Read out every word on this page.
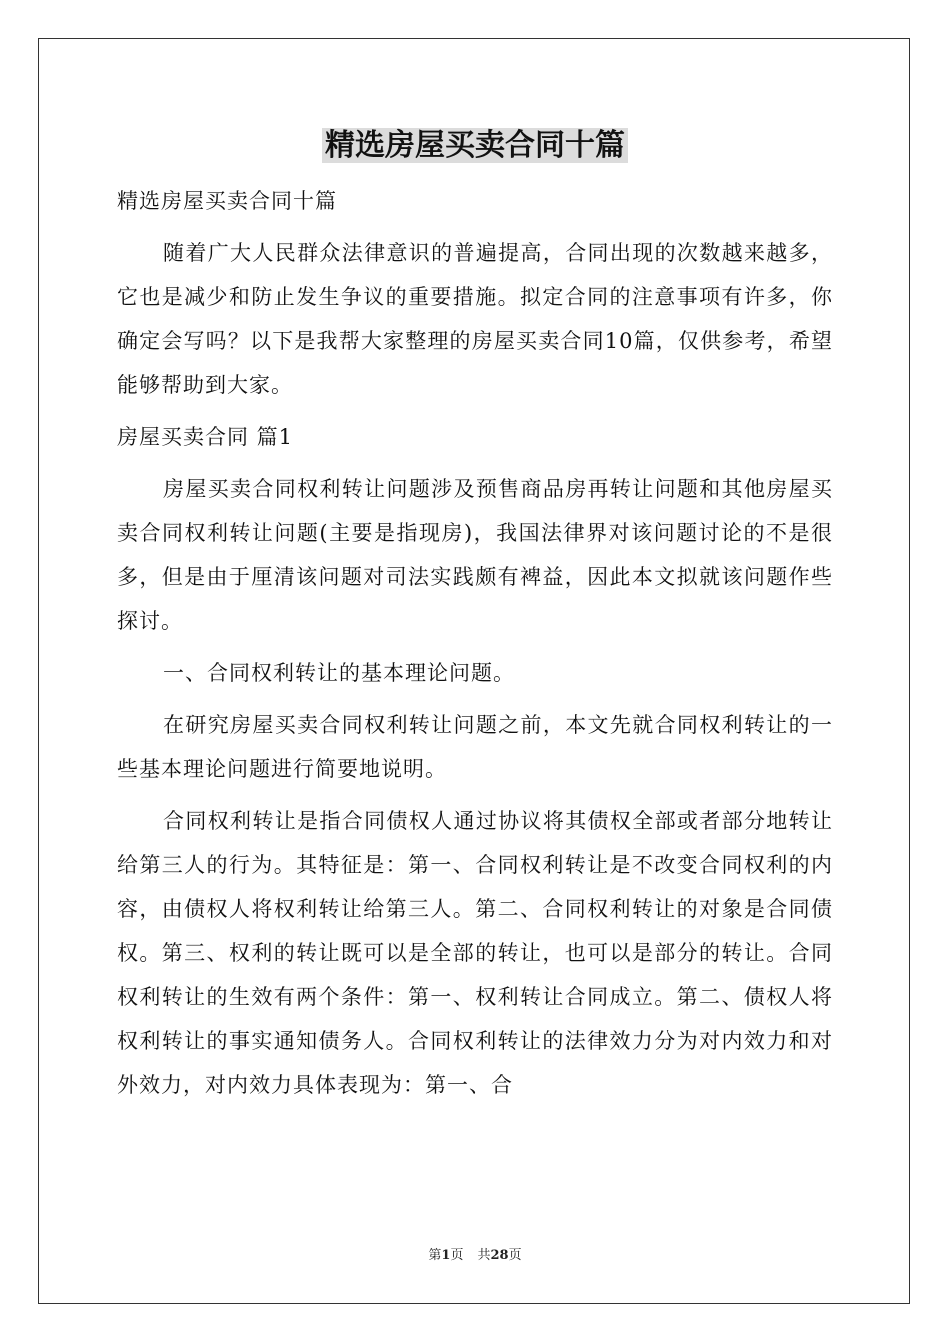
精选房屋买卖合同十篇

精选房屋买卖合同十篇

随着广大人民群众法律意识的普遍提高，合同出现的次数越来越多，它也是减少和防止发生争议的重要措施。拟定合同的注意事项有许多，你确定会写吗？以下是我帮大家整理的房屋买卖合同10篇，仅供参考，希望能够帮助到大家。

房屋买卖合同 篇1

房屋买卖合同权利转让问题涉及预售商品房再转让问题和其他房屋买卖合同权利转让问题(主要是指现房)，我国法律界对该问题讨论的不是很多，但是由于厘清该问题对司法实践颇有裨益，因此本文拟就该问题作些探讨。

一、合同权利转让的基本理论问题。

在研究房屋买卖合同权利转让问题之前，本文先就合同权利转让的一些基本理论问题进行简要地说明。

合同权利转让是指合同债权人通过协议将其债权全部或者部分地转让给第三人的行为。其特征是：第一、合同权利转让是不改变合同权利的内容，由债权人将权利转让给第三人。第二、合同权利转让的对象是合同债权。第三、权利的转让既可以是全部的转让，也可以是部分的转让。合同权利转让的生效有两个条件：第一、权利转让合同成立。第二、债权人将权利转让的事实通知债务人。合同权利转让的法律效力分为对内效力和对外效力，对内效力具体表现为：第一、合

第1页 共28页
